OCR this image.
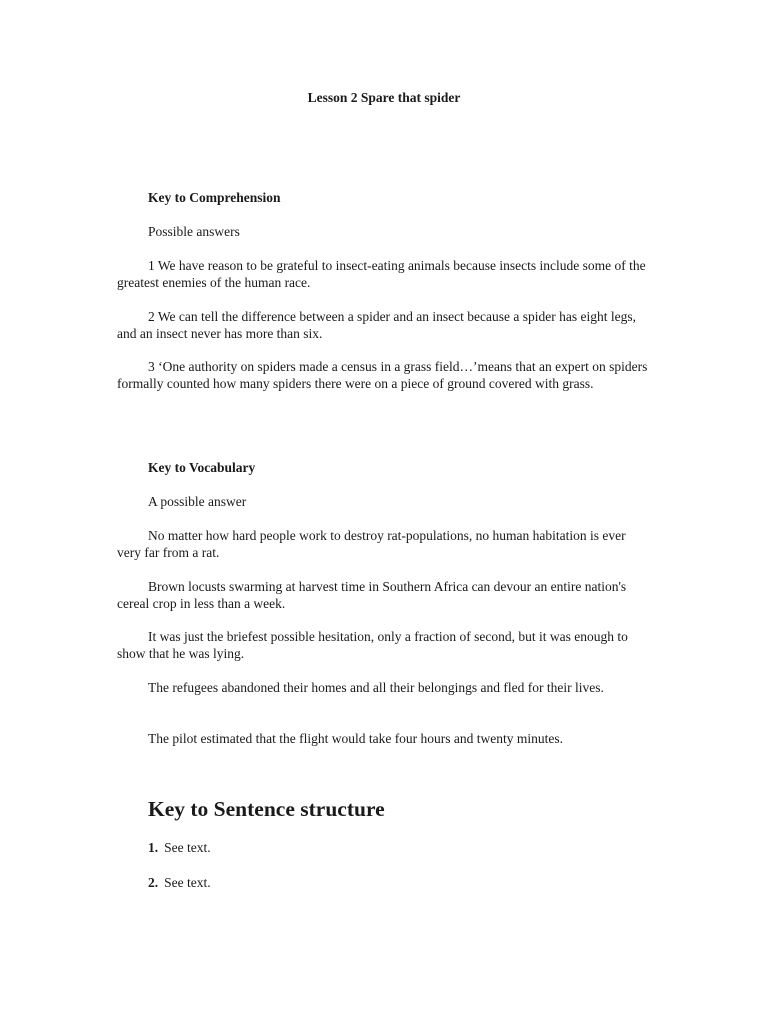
Lesson 2 Spare that spider
Key to Comprehension
Possible answers
1 We have reason to be grateful to insect-eating animals because insects include some of the greatest enemies of the human race.
2 We can tell the difference between a spider and an insect because a spider has eight legs, and an insect never has more than six.
3 ‘One authority on spiders made a census in a grass field…’means that an expert on spiders formally counted how many spiders there were on a piece of ground covered with grass.
Key to Vocabulary
A possible answer
No matter how hard people work to destroy rat-populations, no human habitation is ever very far from a rat.
Brown locusts swarming at harvest time in Southern Africa can devour an entire nation's cereal crop in less than a week.
It was just the briefest possible hesitation, only a fraction of second, but it was enough to show that he was lying.
The refugees abandoned their homes and all their belongings and fled for their lives.
The pilot estimated that the flight would take four hours and twenty minutes.
Key to Sentence structure
1. See text.
2. See text.
